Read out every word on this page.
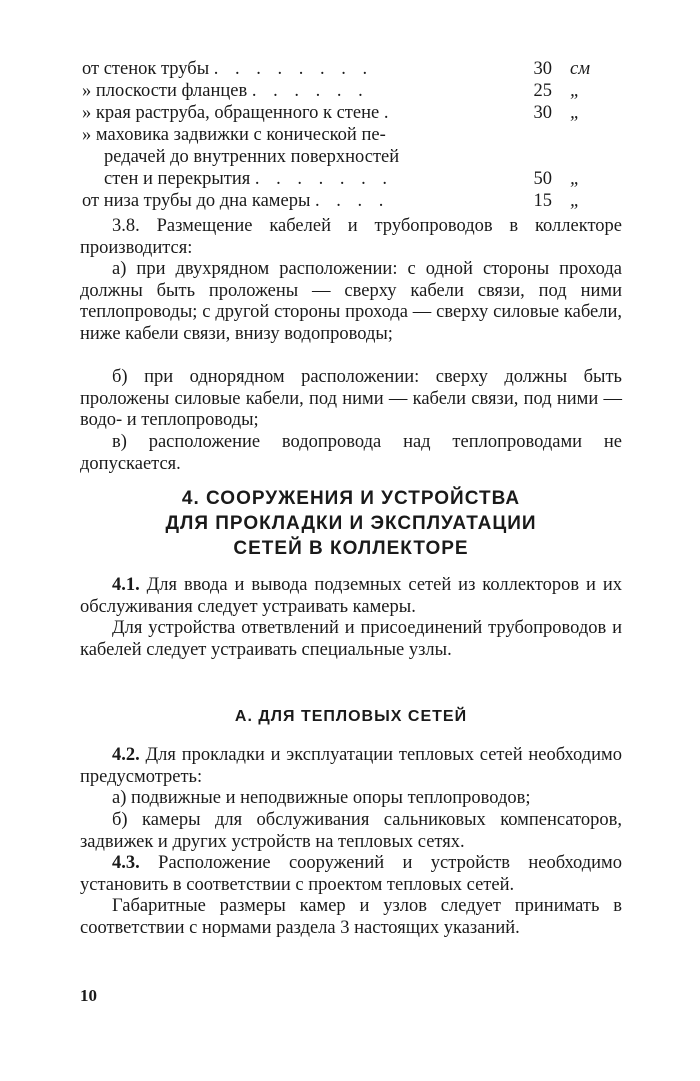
от стенок трубы . . . . . . . .	30 см
» плоскости фланцев . . . . . .	25 „
» края раструба, обращенного к стене .	30 „
» маховика задвижки с конической пе-
редачей до внутренних поверхностей
стен и перекрытия . . . . . . .	50 „
от низа трубы до дна камеры . . . .	15 „
3.8. Размещение кабелей и трубопроводов в коллекторе производится:
а) при двухрядном расположении: с одной стороны прохода должны быть проложены — сверху кабели связи, под ними теплопроводы; с другой стороны прохода — сверху силовые кабели, ниже кабели связи, внизу водопроводы;
б) при однорядном расположении: сверху должны быть проложены силовые кабели, под ними — кабели связи, под ними — водо- и теплопроводы;
в) расположение водопровода над теплопроводами не допускается.
4. СООРУЖЕНИЯ И УСТРОЙСТВА
ДЛЯ ПРОКЛАДКИ И ЭКСПЛУАТАЦИИ
СЕТЕЙ В КОЛЛЕКТОРЕ
4.1. Для ввода и вывода подземных сетей из коллекторов и их обслуживания следует устраивать камеры.
Для устройства ответвлений и присоединений трубопроводов и кабелей следует устраивать специальные узлы.
А. ДЛЯ ТЕПЛОВЫХ СЕТЕЙ
4.2. Для прокладки и эксплуатации тепловых сетей необходимо предусмотреть:
а) подвижные и неподвижные опоры теплопроводов;
б) камеры для обслуживания сальниковых компенсаторов, задвижек и других устройств на тепловых сетях.
4.3. Расположение сооружений и устройств необходимо установить в соответствии с проектом тепловых сетей.
Габаритные размеры камер и узлов следует принимать в соответствии с нормами раздела 3 настоящих указаний.
10
